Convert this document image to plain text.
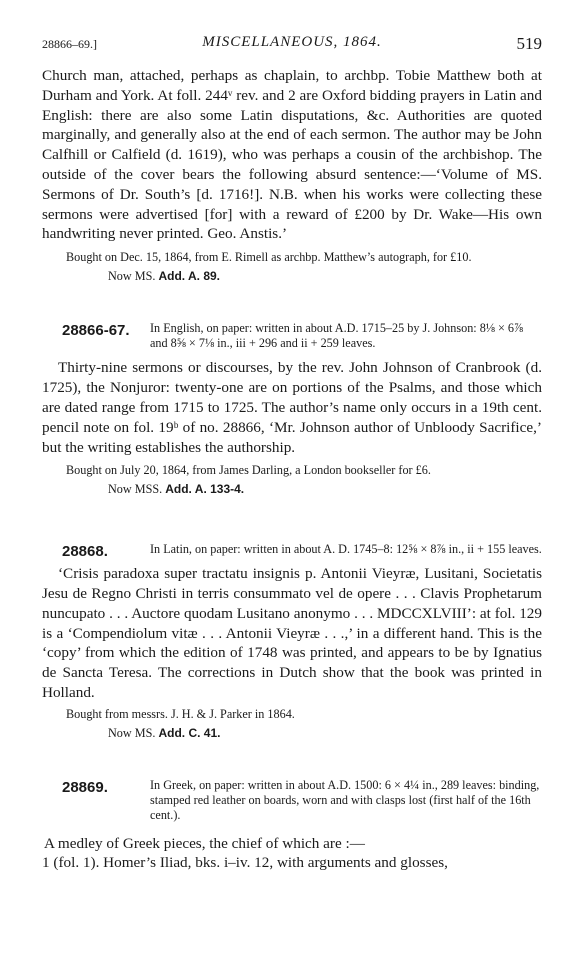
28866–69.]	MISCELLANEOUS, 1864.	519

Church man, attached, perhaps as chaplain, to archbp. Tobie Matthew both at Durham and York. At foll. 244ᵛ rev. and 2 are Oxford bidding prayers in Latin and English: there are also some Latin disputations, &c. Authorities are quoted marginally, and generally also at the end of each sermon. The author may be John Calfhill or Calfield (d. 1619), who was perhaps a cousin of the archbishop. The outside of the cover bears the following absurd sentence:—‘Volume of MS. Sermons of Dr. South’s [d. 1716!]. N.B. when his works were collecting these sermons were advertised [for] with a reward of £200 by Dr. Wake—His own handwriting never printed. Geo. Anstis.’

Bought on Dec. 15, 1864, from E. Rimell as archbp. Matthew’s autograph, for £10.

Now MS. Add. A. 89.

28866-67. In English, on paper: written in about A.D. 1715–25 by J. Johnson: 8⅛ × 6⅞ and 8⅝ × 7⅛ in., iii + 296 and ii + 259 leaves.

Thirty-nine sermons or discourses, by the rev. John Johnson of Cranbrook (d. 1725), the Nonjuror: twenty-one are on portions of the Psalms, and those which are dated range from 1715 to 1725. The author’s name only occurs in a 19th cent. pencil note on fol. 19ᵇ of no. 28866, ‘Mr. Johnson author of Unbloody Sacrifice,’ but the writing establishes the authorship.

Bought on July 20, 1864, from James Darling, a London bookseller for £6.

Now MSS. Add. A. 133-4.

28868.	In Latin, on paper: written in about A. D. 1745–8: 12⅝ × 8⅞ in., ii + 155 leaves.

‘Crisis paradoxa super tractatu insignis p. Antonii Vieyræ, Lusitani, Societatis Jesu de Regno Christi in terris consummato vel de opere . . . Clavis Prophetarum nuncupato . . . Auctore quodam Lusitano anonymo . . . MDCCXLVIII’: at fol. 129 is a ‘Compendiolum vitæ . . . Antonii Vieyræ . . .,’ in a different hand. This is the ‘copy’ from which the edition of 1748 was printed, and appears to be by Ignatius de Sancta Teresa. The corrections in Dutch show that the book was printed in Holland.

Bought from messrs. J. H. & J. Parker in 1864.

Now MS. Add. C. 41.

28869.	In Greek, on paper: written in about A.D. 1500: 6 × 4¼ in., 289 leaves: binding, stamped red leather on boards, worn and with clasps lost (first half of the 16th cent.).

A medley of Greek pieces, the chief of which are :—

1 (fol. 1). Homer’s Iliad, bks. i–iv. 12, with arguments and glosses,
